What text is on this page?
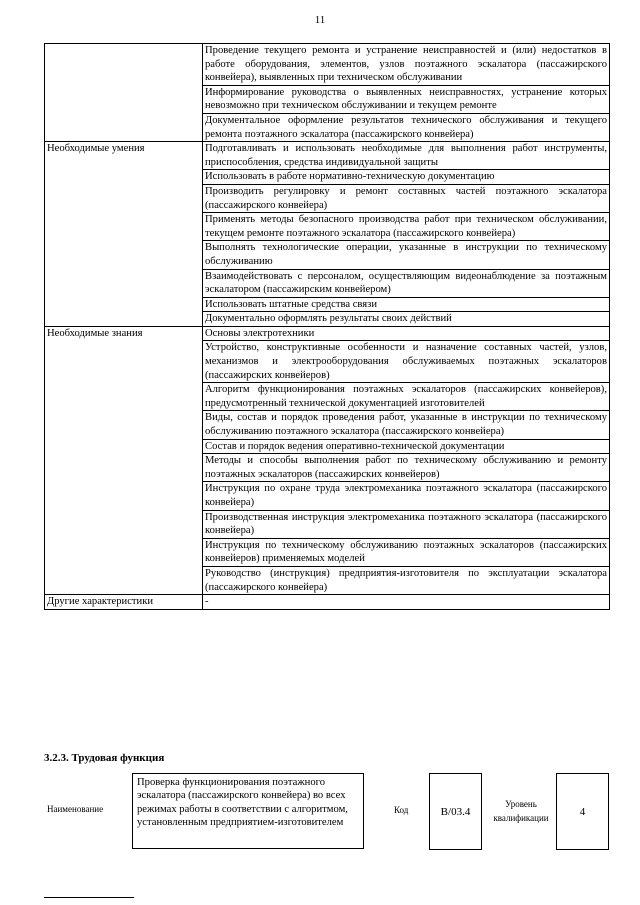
11
	Проведение текущего ремонта и устранение неисправностей и (или) недостатков в работе оборудования, элементов, узлов поэтажного эскалатора (пассажирского конвейера), выявленных при техническом обслуживании
	Информирование руководства о выявленных неисправностях, устранение которых невозможно при техническом обслуживании и текущем ремонте
	Документальное оформление результатов технического обслуживания и текущего ремонта поэтажного эскалатора (пассажирского конвейера)
Необходимые умения	Подготавливать и использовать необходимые для выполнения работ инструменты, приспособления, средства индивидуальной защиты
	Использовать в работе нормативно-техническую документацию
	Производить регулировку и ремонт составных частей поэтажного эскалатора (пассажирского конвейера)
	Применять методы безопасного производства работ при техническом обслуживании, текущем ремонте поэтажного эскалатора (пассажирского конвейера)
	Выполнять технологические операции, указанные в инструкции по техническому обслуживанию
	Взаимодействовать с персоналом, осуществляющим видеонаблюдение за поэтажным эскалатором (пассажирским конвейером)
	Использовать штатные средства связи
	Документально оформлять результаты своих действий
Необходимые знания	Основы электротехники
	Устройство, конструктивные особенности и назначение составных частей, узлов, механизмов и электрооборудования обслуживаемых поэтажных эскалаторов (пассажирских конвейеров)
	Алгоритм функционирования поэтажных эскалаторов (пассажирских конвейеров), предусмотренный технической документацией изготовителей
	Виды, состав и порядок проведения работ, указанные в инструкции по техническому обслуживанию поэтажного эскалатора (пассажирского конвейера)
	Состав и порядок ведения оперативно-технической документации
	Методы и способы выполнения работ по техническому обслуживанию и ремонту поэтажных эскалаторов (пассажирских конвейеров)
	Инструкция по охране труда электромеханика поэтажного эскалатора (пассажирского конвейера)
	Производственная инструкция электромеханика поэтажного эскалатора (пассажирского конвейера)
	Инструкция по техническому обслуживанию поэтажных эскалаторов (пассажирских конвейеров) применяемых моделей
	Руководство (инструкция) предприятия-изготовителя по эксплуатации эскалатора (пассажирского конвейера)
Другие характеристики	-
3.2.3. Трудовая функция
Наименование
Проверка функционирования поэтажного эскалатора (пассажирского конвейера) во всех режимах работы в соответствии с алгоритмом, установленным предприятием-изготовителем
Код	В/03.4
Уровень квалификации
4
